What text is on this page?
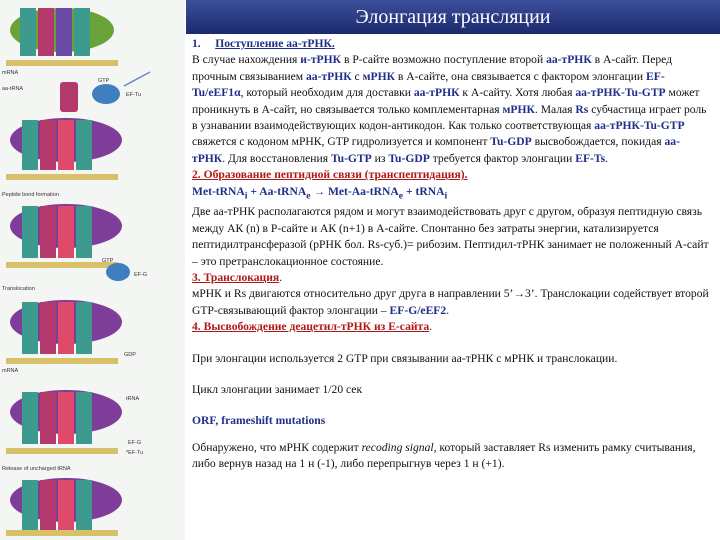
mRNA
aa-tRNA
GTP
EF-Tu
Peptide bond formation
GTP
EF-G
Translocation
mRNA
GDP
tRNA
EF-G
*EF-Tu
Release of uncharged tRNA
Элонгация трансляции

1. Поступление аа-тРНК.

В случае нахождения и-тРНК в Р-сайте возможно поступление второй аа-тРНК в А-сайт. Перед прочным связыванием аа-тРНК с мРНК в А-сайте, она связывается с фактором элонгации EF-Tu/eEF1α, который необходим для доставки аа-тРНК к А-сайту. Хотя любая аа-тРНК-Tu-GTP может проникнуть в А-сайт, но связывается только комплементарная мРНК. Малая Rs субчастица играет роль в узнавании взаимодействующих кодон-антикодон. Как только соответствующая аа-тРНК-Tu-GTP свяжется с кодоном мРНК, GTP гидролизуется и компонент Tu-GDP высвобождается, покидая аа-тРНК. Для восстановления Tu-GTP из Tu-GDP требуется фактор элонгации EF-Ts.

2. Образование пептидной связи (транспептидация).

Met-tRNA$_i$ + Aa-tRNA$_e$ → Met-Aa-tRNA$_e$ + tRNA$_i$

Две аа-тРНК располагаются рядом и могут взаимодействовать друг с другом, образуя пептидную связь между АК (n) в Р-сайте и АК (n+1) в А-сайте. Спонтанно без затраты энергии, катализируется пептидилтрансферазой (рРНК бол. Rs-суб.)= рибозим. Пептидил-тРНК занимает не положенный А-сайт – это претранслокационное состояние.

3. Транслокация.

мРНК и Rs двигаются относительно друг друга в направлении 5’→3’. Транслокации содействует второй GTP-связывающий фактор элонгации – EF-G/eEF2.

4. Высвобождение деацетил-тРНК из Е-сайта.

При элонгации используется 2 GTP при связывании аа-тРНК с мРНК и транслокации.

Цикл элонгации занимает 1/20 сек

ORF, frameshift mutations

Обнаружено, что мРНК содержит recoding signal, который заставляет Rs изменить рамку считывания, либо вернув назад на 1 н (-1), либо перепрыгнув через 1 н (+1).
